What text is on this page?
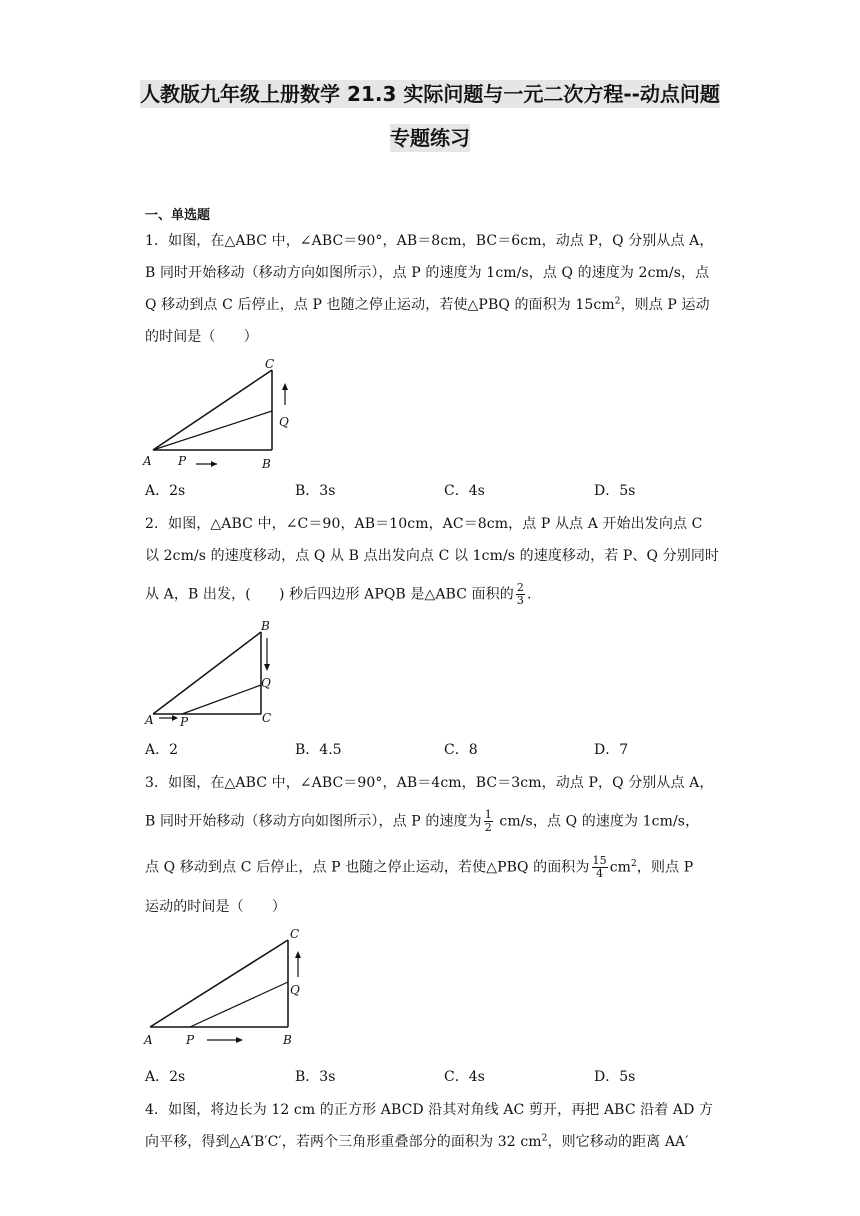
人教版九年级上册数学 21.3 实际问题与一元二次方程--动点问题
专题练习
一、单选题
1．如图，在△ABC 中，∠ABC＝90°，AB＝8cm，BC＝6cm，动点 P，Q 分别从点 A，
B 同时开始移动（移动方向如图所示），点 P 的速度为 1cm/s，点 Q 的速度为 2cm/s，点
Q 移动到点 C 后停止，点 P 也随之停止运动，若使△PBQ 的面积为 $15cm^2$，则点 P 运动
的时间是（　　）
A P	B
C
Q
A．2s	B．3s	C．4s	D．5s
2．如图，△ABC 中，∠C＝90，AB＝10cm，AC＝8cm，点 P 从点 A 开始出发向点 C
以 2cm/s 的速度移动，点 Q 从 B 点出发向点 C 以 1cm/s 的速度移动，若 P、Q 分别同时
从 A，B 出发，(　　) 秒后四边形 APQB 是△ABC 面积的 $\frac{2}{3}$ .
A P	C
B
Q
A．2	B．4.5	C．8	D．7
3．如图，在△ABC 中，∠ABC＝90°，AB＝4cm，BC＝3cm，动点 P，Q 分别从点 A，
B 同时开始移动（移动方向如图所示），点 P 的速度为 $\frac{1}{2} cm/s$，点 Q 的速度为 1cm/s，
点 Q 移动到点 C 后停止，点 P 也随之停止运动，若使△PBQ 的面积为 $\frac{15}{4} cm^2$，则点 P
运动的时间是（　　）
A	P	B
C
Q
A．2s	B．3s	C．4s	D．5s
4．如图，将边长为 12 cm 的正方形 ABCD 沿其对角线 AC 剪开，再把 ABC 沿着 AD 方
向平移，得到△A′B′C′，若两个三角形重叠部分的面积为 32 $cm^2$，则它移动的距离 AA′
